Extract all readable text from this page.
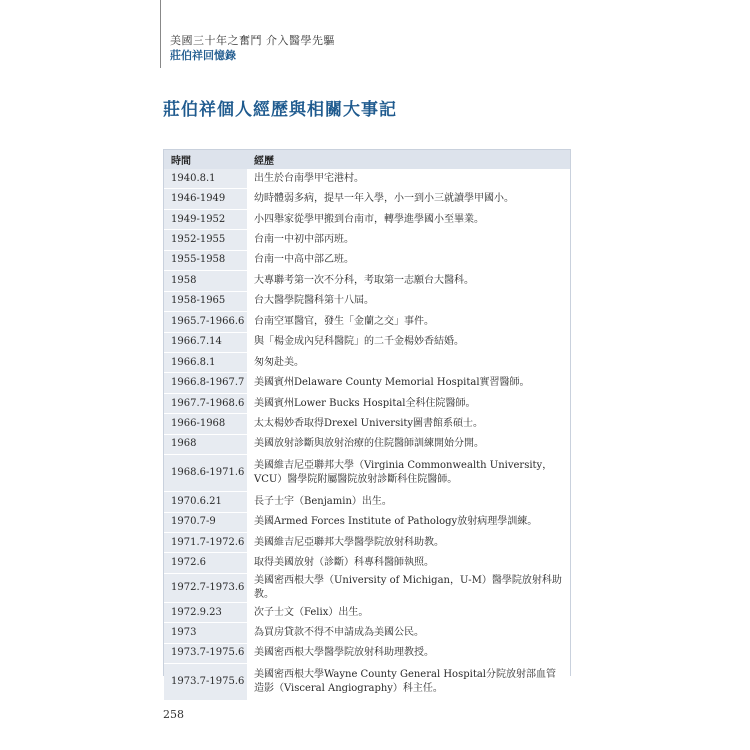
美國三十年之奮鬥 介入醫學先驅
莊伯祥回憶錄
莊伯祥個人經歷與相關大事記
時間	經歷
1940.8.1	出生於台南學甲宅港村。
1946-1949	幼時體弱多病，提早一年入學，小一到小三就讀學甲國小。
1949-1952	小四舉家從學甲搬到台南市，轉學進學國小至畢業。
1952-1955	台南一中初中部丙班。
1955-1958	台南一中高中部乙班。
1958	大專聯考第一次不分科，考取第一志願台大醫科。
1958-1965	台大醫學院醫科第十八屆。
1965.7-1966.6	台南空軍醫官，發生「金蘭之交」事件。
1966.7.14	與「楊金成內兒科醫院」的二千金楊妙香結婚。
1966.8.1	匆匆赴美。
1966.8-1967.7	美國賓州Delaware County Memorial Hospital實習醫師。
1967.7-1968.6	美國賓州Lower Bucks Hospital全科住院醫師。
1966-1968	太太楊妙香取得Drexel University圖書館系碩士。
1968	美國放射診斷與放射治療的住院醫師訓練開始分開。
1968.6-1971.6	美國維吉尼亞聯邦大學（Virginia Commonwealth University，VCU）醫學院附屬醫院放射診斷科住院醫師。
1970.6.21	長子士宇（Benjamin）出生。
1970.7-9	美國Armed Forces Institute of Pathology放射病理學訓練。
1971.7-1972.6	美國維吉尼亞聯邦大學醫學院放射科助教。
1972.6	取得美國放射（診斷）科專科醫師執照。
1972.7-1973.6	美國密西根大學（University of Michigan，U-M）醫學院放射科助教。
1972.9.23	次子士文（Felix）出生。
1973	為買房貸款不得不申請成為美國公民。
1973.7-1975.6	美國密西根大學醫學院放射科助理教授。
1973.7-1975.6	美國密西根大學Wayne County General Hospital分院放射部血管造影（Visceral Angiography）科主任。
258
